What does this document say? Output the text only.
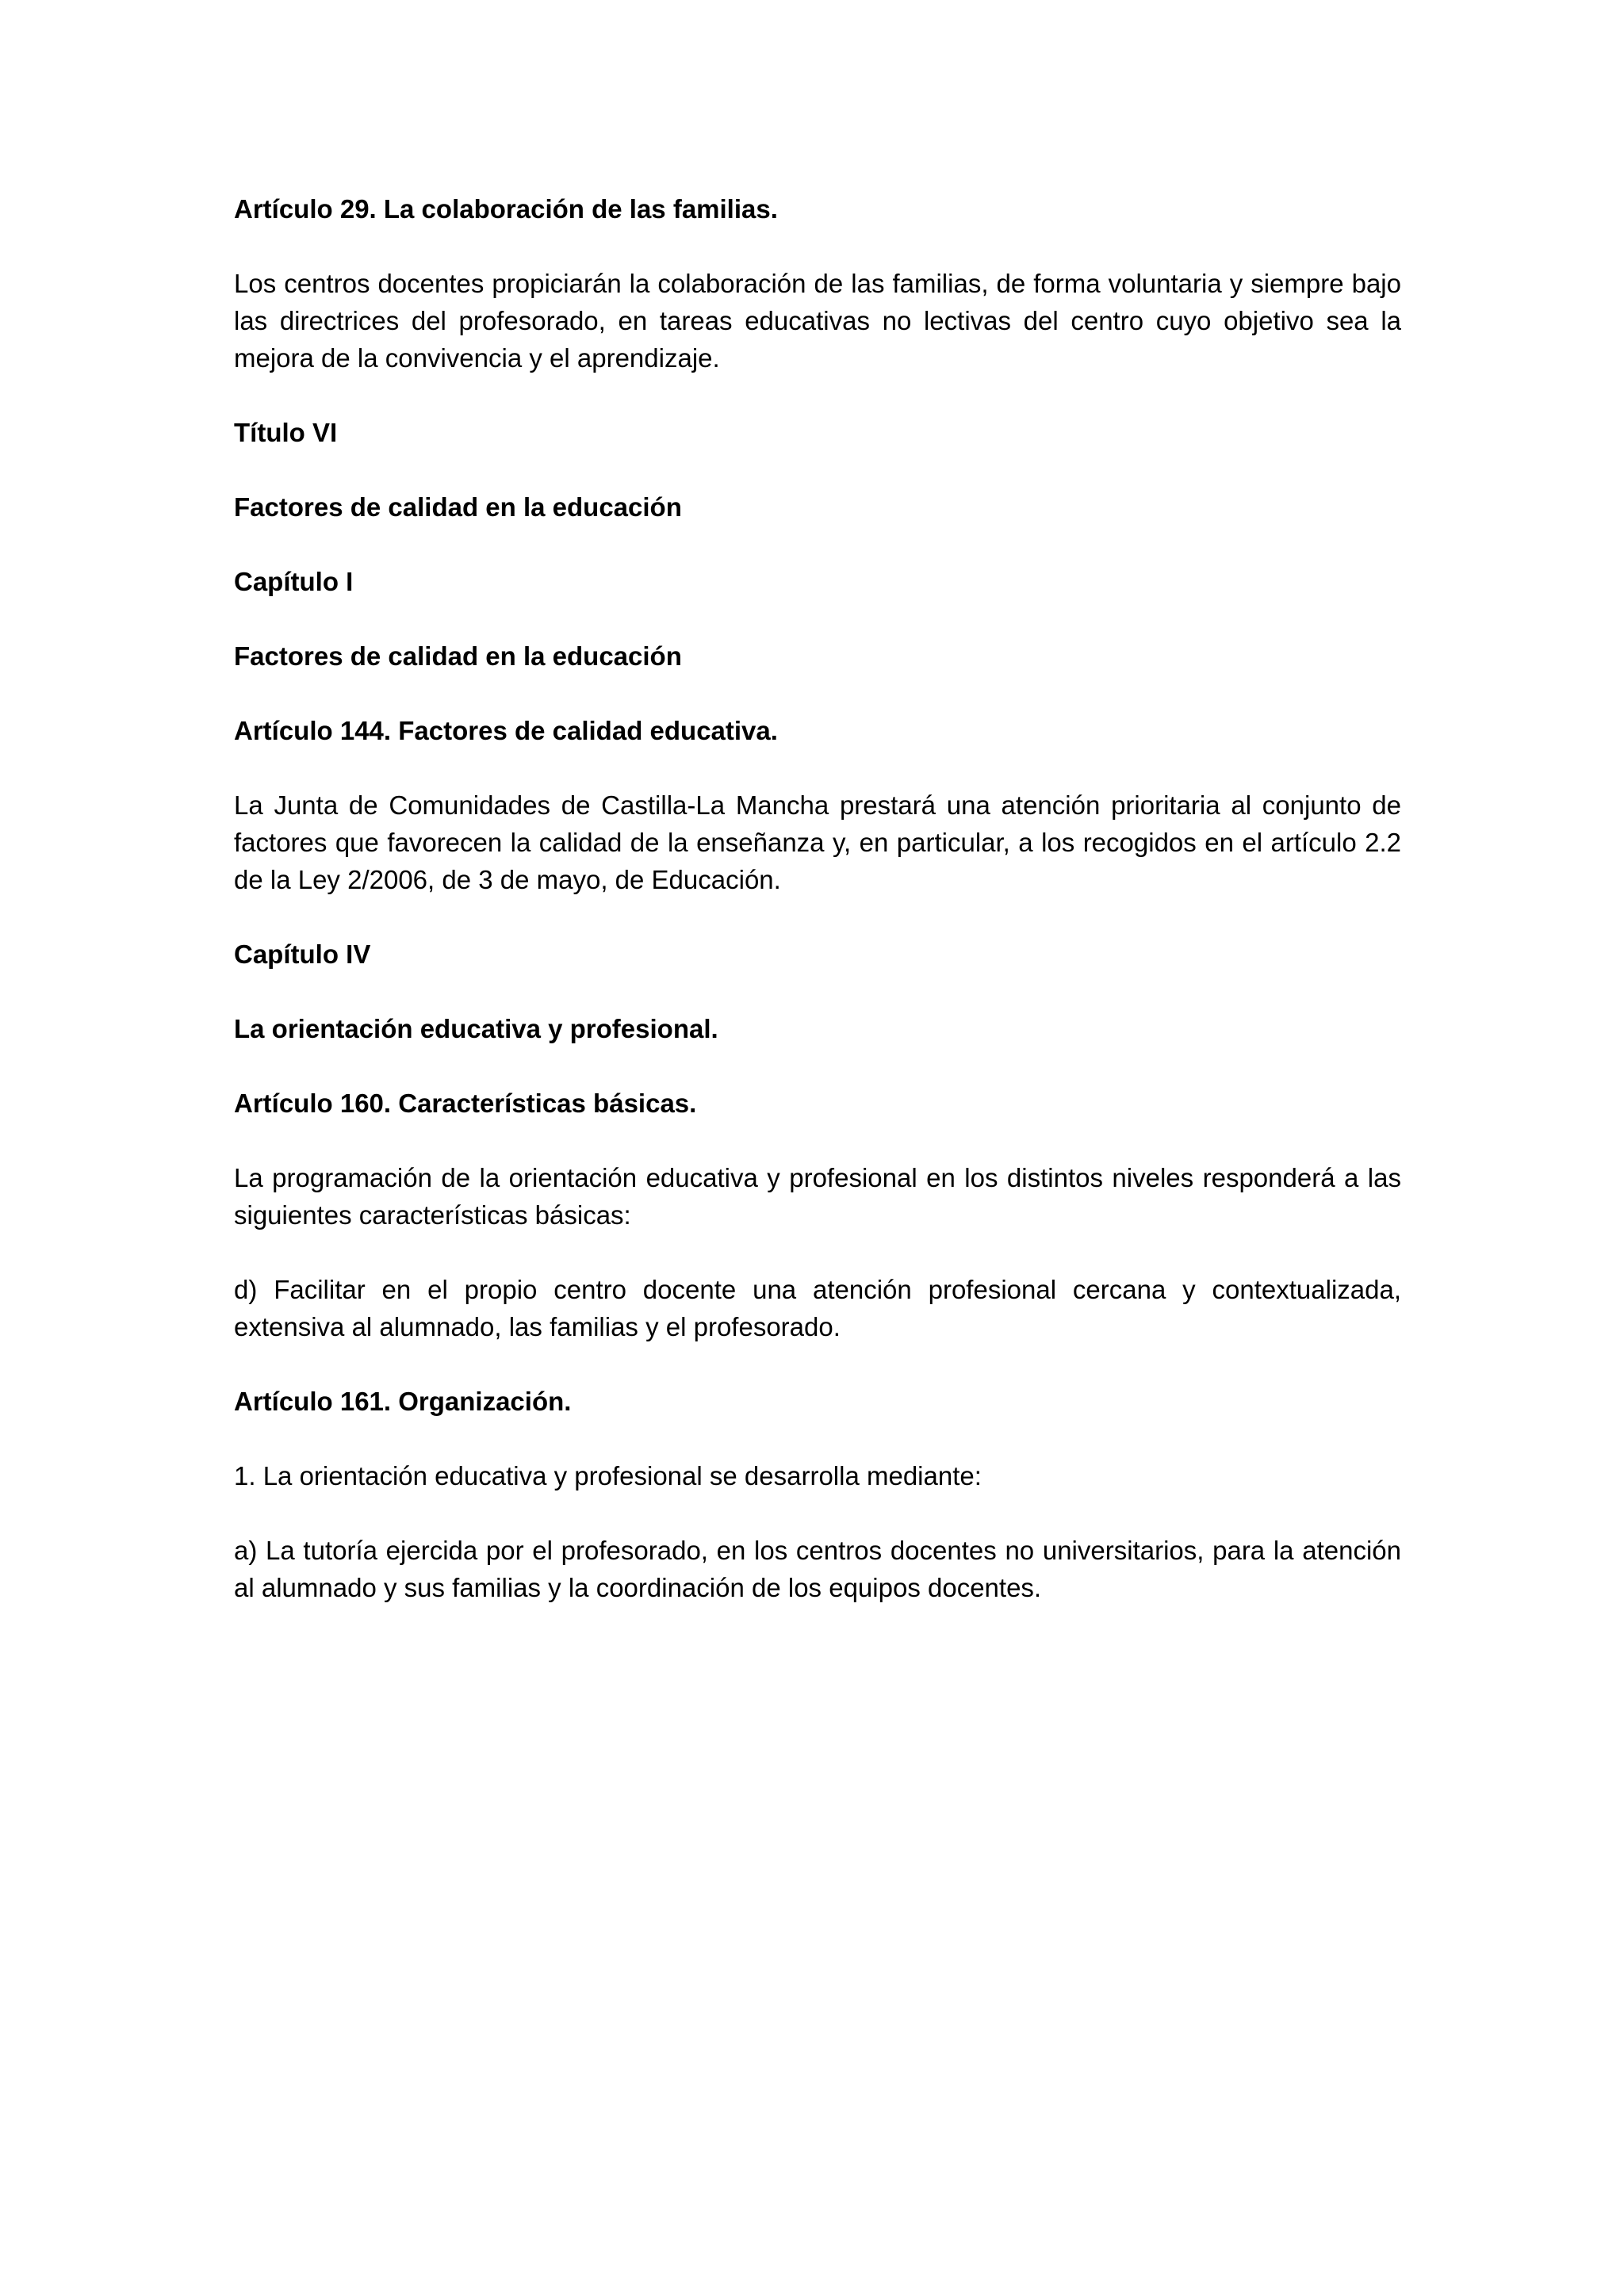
Artículo 29. La colaboración de las familias.
Los centros docentes propiciarán la colaboración de las familias, de forma voluntaria y siempre bajo las directrices del profesorado, en tareas educativas no lectivas del centro cuyo objetivo sea la mejora de la convivencia y el aprendizaje.
Título VI
Factores de calidad en la educación
Capítulo I
Factores de calidad en la educación
Artículo 144. Factores de calidad educativa.
La Junta de Comunidades de Castilla-La Mancha prestará una atención prioritaria al conjunto de factores que favorecen la calidad de la enseñanza y, en particular, a los recogidos en el artículo 2.2 de la Ley 2/2006, de 3 de mayo, de Educación.
Capítulo IV
La orientación educativa y profesional.
Artículo 160. Características básicas.
La programación de la orientación educativa y profesional en los distintos niveles responderá a las siguientes características básicas:
d) Facilitar en el propio centro docente una atención profesional cercana y contextualizada, extensiva al alumnado, las familias y el profesorado.
Artículo 161. Organización.
1. La orientación educativa y profesional se desarrolla mediante:
a) La tutoría ejercida por el profesorado, en los centros docentes no universitarios, para la atención al alumnado y sus familias y la coordinación de los equipos docentes.
